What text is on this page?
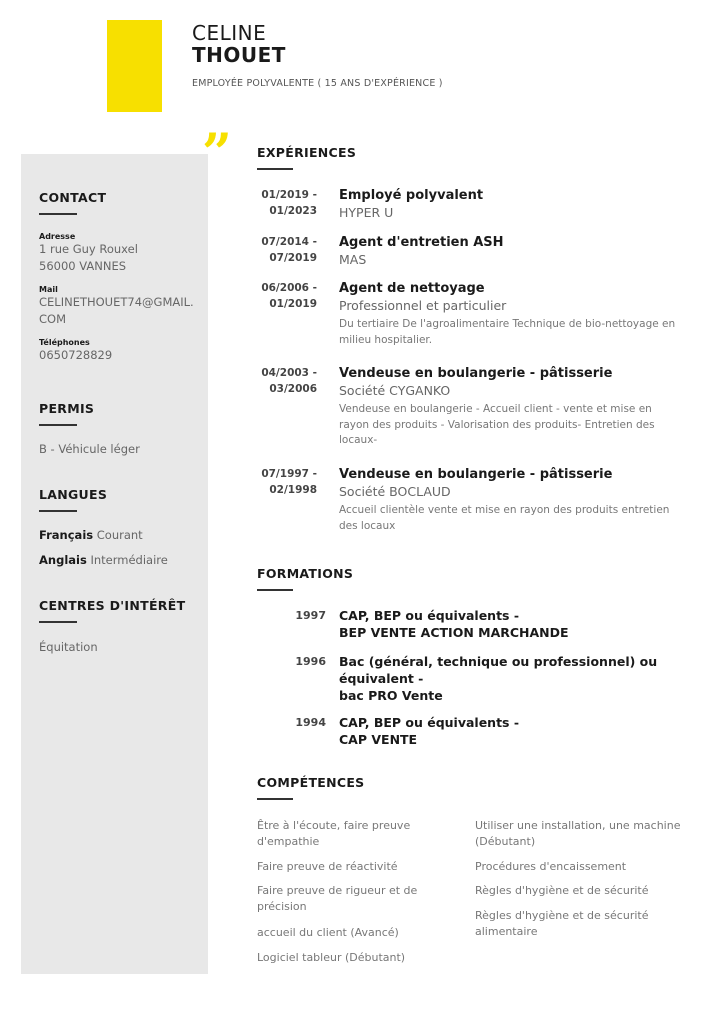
CELINE
THOUET
EMPLOYÉE POLYVALENTE ( 15 ANS D'EXPÉRIENCE )
CONTACT
Adresse
1 rue Guy Rouxel
56000 VANNES
Mail
CELINETHOUET74@GMAIL.
COM
Téléphones
0650728829
PERMIS
B - Véhicule léger
LANGUES
Français Courant
Anglais Intermédiaire
CENTRES D'INTÉRÊT
Équitation
” EXPÉRIENCES
01/2019 -
01/2023
Employé polyvalent
HYPER U
07/2014 -
07/2019
Agent d'entretien ASH
MAS
06/2006 -
01/2019
Agent de nettoyage
Professionnel et particulier
Du tertiaire De l'agroalimentaire Technique de bio-nettoyage en milieu hospitalier.
04/2003 -
03/2006
Vendeuse en boulangerie - pâtisserie
Société CYGANKO
Vendeuse en boulangerie - Accueil client - vente et mise en rayon des produits - Valorisation des produits- Entretien des locaux-
07/1997 -
02/1998
Vendeuse en boulangerie - pâtisserie
Société BOCLAUD
Accueil clientèle vente et mise en rayon des produits entretien des locaux
FORMATIONS
1997 CAP, BEP ou équivalents -
BEP VENTE ACTION MARCHANDE
1996 Bac (général, technique ou professionnel) ou équivalent -
bac PRO Vente
1994 CAP, BEP ou équivalents -
CAP VENTE
COMPÉTENCES
Être à l'écoute, faire preuve d'empathie
Faire preuve de réactivité
Faire preuve de rigueur et de précision
accueil du client (Avancé)
Logiciel tableur (Débutant)
Utiliser une installation, une machine (Débutant)
Procédures d'encaissement
Règles d'hygiène et de sécurité
Règles d'hygiène et de sécurité alimentaire
